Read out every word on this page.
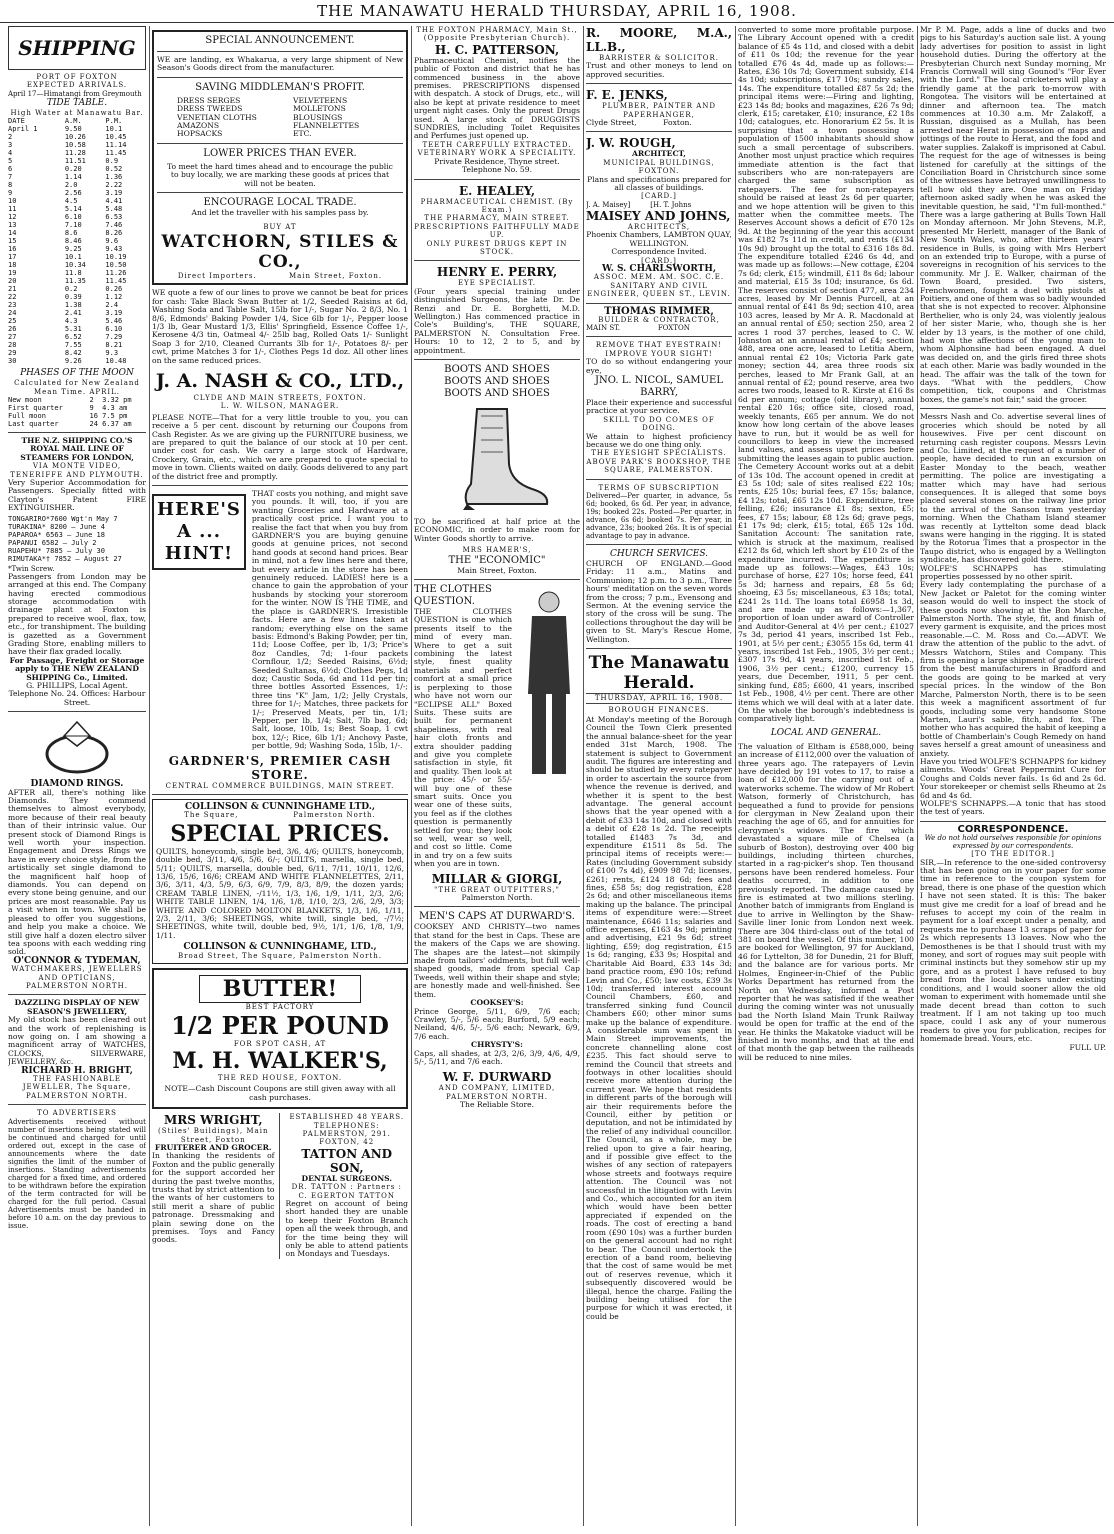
THE MANAWATU HERALD THURSDAY, APRIL 16, 1908.
SHIPPING
PORT OF FOXTON
EXPECTED ARRIVALS.
April 17—Himatangi from Greymouth
TIDE TABLE.
High Water at Manawatu Bar.
DATE	A.M.	P.M.
April 1	9.50	10.1
2	10.26	10.45
3	10.58	11.14
4	11.28	11.45
5	11.51	0.9
6	0.20	0.52
7	1.14	1.36
8	2.0	2.22
9	2.56	3.19
10	4.5	4.41
11	5.14	5.48
12	6.10	6.53
13	7.10	7.46
14	8.6	8.26
15	8.46	9.6
16	9.25	9.43
17	10.1	10.19
18	10.34	10.50
19	11.8	11.26
20	11.35	11.45
21	0.2	0.26
22	0.39	1.12
23	1.38	2.4
24	2.41	3.19
25	4.3	5.46
26	5.31	6.10
27	6.52	7.29
28	7.55	8.21
29	8.42	9.3
30	9.26	10.48
PHASES OF THE MOON
Calculated for New Zealand Mean Time. APRIL.
New moon	2	3.32 pm
First quarter	9	4.3 am
Full moon	16	7.5 pm
Last quarter	24	6.37 am
THE N.Z. SHIPPING CO.'S ROYAL MAIL LINE OF STEAMERS FOR LONDON,
VIA MONTE VIDEO, TENERIFFE AND PLYMOUTH.
Very Superior Accommodation for Passengers. Specially fitted with Clayton's Patent FIRE EXTINGUISHER.
TONGARIRO*7600 Wgt'n May 7
TURAKINA* 8200 — June 4
PAPAROA* 6563 — June 18
PAPANUI 6582 — July 2
RUAPEHU* 7885 — July 30
RIMUTAKA*† 7852 — August 27
*Twin Screw.
Passengers from London may be arranged at this end. The Company having erected commodious storage accommodation with drainage plant at Foxton is prepared to receive wool, flax, tow, etc., for transhipment. The building is gazetted as a Government Grading Store, enabling millers to have their flax graded locally.
For Passage, Freight or Storage apply to THE NEW ZEALAND SHIPPING Co., Limited.
G. PHILLIPS, Local Agent. Telephone No. 24. Offices: Harbour Street.
DIAMOND RINGS.
AFTER all, there's nothing like Diamonds. They commend themselves to almost everybody, more because of their real beauty than of their intrinsic value. Our present stock of Diamond Rings is well worth your inspection. Engagement and Dress Rings we have in every choice style, from the artistically set single diamond to the magnificent half hoop of diamonds. You can depend on every stone being genuine, and our prices are most reasonable. Pay us a visit when in town. We shall be pleased to offer you suggestions, and help you make a choice. We still give half a dozen electro silver tea spoons with each wedding ring sold.
O'CONNOR & TYDEMAN,
WATCHMAKERS, JEWELLERS AND OPTICIANS, PALMERSTON NORTH.
DAZZLING DISPLAY OF NEW SEASON'S JEWELLERY,
My old stock has been cleared out and the work of replenishing is now going on. I am showing a magnificent array of WATCHES, CLOCKS, SILVERWARE, JEWELLERY, &c.
RICHARD H. BRIGHT,
THE FASHIONABLE JEWELLER, The Square, PALMERSTON NORTH.
TO ADVERTISERS
Advertisements received without number of insertions being stated will be continued and charged for until ordered out, except in the case of announcements where the date signifies the limit of the number of insertions. Standing advertisements charged for a fixed time, and ordered to be withdrawn before the expiration of the term contracted for will be charged for the full period. Casual Advertisements must be handed in before 10 a.m. on the day previous to issue.
SPECIAL ANNOUNCEMENT.
WE are landing, ex Whakarua, a very large shipment of New Season's Goods direct from the manufacturer.
SAVING MIDDLEMAN'S PROFIT.
DRESS SERGES
DRESS TWEEDS
VENETIAN CLOTHS
AMAZONS
HOPSACKS
VELVETEENS
MOLLETONS
BLOUSINGS
FLANNELETTES
ETC.
LOWER PRICES THAN EVER.
To meet the hard times ahead and to encourage the public to buy locally, we are marking these goods at prices that will not be beaten.
ENCOURAGE LOCAL TRADE.
And let the traveller with his samples pass by.
BUY AT
WATCHORN, STILES & CO.,
Direct Importers.          Main Street, Foxton.
WE quote a few of our lines to prove we cannot be beat for prices for cash: Take Black Swan Butter at 1/2, Seeded Raisins at 6d, Washing Soda and Table Salt, 15lb for 1/-, Sugar No. 2 8/3, No. 1 8/6, Edmonds' Baking Powder 1/4, Sice 6lb for 1/-, Pepper loose 1/3 lb, Gear Mustard 1/3, Ellis' Springfield, Essence Coffee 1/-, Kerosene 4/3 tin, Oatmeal 4/- 25lb bag, Rolled Oats 1/- Sunlight Soap 3 for 2/10, Cleaned Currants 3lb for 1/-, Potatoes 8/- per cwt, prime Matches 3 for 1/-, Clothes Pegs 1d doz. All other lines on the same reduced prices.
J. A. NASH & CO., LTD.,
CLYDE AND MAIN STREETS, FOXTON.
L. W. WILSON, MANAGER.
PLEASE NOTE—That for a very little trouble to you, you can receive a 5 per cent. discount by returning our Coupons from Cash Register. As we are giving up the FURNITURE business, we are prepared to quit the balance of our stock at 10 per cent. under cost for cash. We carry a large stock of Hardware, Crockery, Grain, etc., which we are prepared to quote special to move in town. Clients waited on daily. Goods delivered to any part of the district free and promptly.
HERE'S A ... HINT!
THAT costs you nothing, and might save you pounds. It will, too, if you are wanting Groceries and Hardware at a practically cost price. I want you to realise the fact that when you buy from GARDNER'S you are buying genuine goods at genuine prices, not second hand goods at second hand prices. Bear in mind, not a few lines here and there, but every article in the store has been genuinely reduced. LADIES! here is a chance to gain the approbation of your husbands by stocking your storeroom for the winter. NOW IS THE TIME, and the place is GARDNER'S. Irresistible facts. Here are a few lines taken at random; everything else on the same basis: Edmond's Baking Powder, per tin, 11d; Loose Coffee, per lb, 1/3; Price's 8oz Candles, 7d; 1-four packets Cornflour, 1/2; Seeded Raisins, 6½d; Seeded Sultanas, 6½d; Clothes Pegs, 1d doz; Caustic Soda, 6d and 11d per tin; three bottles Assorted Essences, 1/-; three tins "K" Jam, 1/2; Jelly Crystals, three for 1/-; Matches, three packets for 1/-; Preserved Meats, per tin, 1/1; Pepper, per lb, 1/4; Salt, 7lb bag, 6d; Salt, loose, 10lb, 1s; Best Soap, 1 cwt box, 12/-; Rice, 6lb 1/1; Anchovy Paste, per bottle, 9d; Washing Soda, 15lb, 1/-.
GARDNER'S, PREMIER CASH STORE.
CENTRAL COMMERCE BUILDINGS, MAIN STREET.
COLLINSON & CUNNINGHAME LTD.,
The Square,                 Palmerston North.
SPECIAL PRICES.
QUILTS, honeycomb, single bed, 3/6, 4/6; QUILTS, honeycomb, double bed, 3/11, 4/6, 5/6, 6/-; QUILTS, marsella, single bed, 5/11; QUILTS, marsella, double bed, 6/11, 7/11, 10/11, 12/6, 13/6, 15/6, 16/6; CREAM AND WHITE FLANNELETTES, 2/11, 3/6, 3/11, 4/3, 5/9, 6/3, 6/9, 7/9, 8/3, 8/9, the dozen yards; CREAM TABLE LINEN, -/11½, 1/3, 1/6, 1/9, 1/11, 2/3, 2/6; WHITE TABLE LINEN, 1/4, 1/6, 1/8, 1/10, 2/3, 2/6, 2/9, 3/3; WHITE AND COLORED MOLTON BLANKETS, 1/3, 1/6, 1/11, 2/3, 2/11, 3/6; SHEETINGS, white twill, single bed, -/7½; SHEETINGS, white twill, double bed, 9½, 1/1, 1/6, 1/8, 1/9, 1/11.
COLLINSON & CUNNINGHAME, LTD.,
Broad Street, The Square, Palmerston North.
BUTTER!
BEST FACTORY
1/2 PER POUND
FOR SPOT CASH, AT
M. H. WALKER'S,
THE RED HOUSE, FOXTON.
NOTE—Cash Discount Coupons are still given away with all cash purchases.
MRS WRIGHT,
(Stiles' Buildings), Main Street, Foxton
FRUITERER AND GROCER.
In thanking the residents of Foxton and the public generally for the support accorded her during the past twelve months, trusts that by strict attention to the wants of her customers to still merit a share of public patronage. Dressmaking and plain sewing done on the premises. Toys and Fancy goods.
ESTABLISHED 48 YEARS.
TELEPHONES: PALMERSTON, 291. FOXTON, 42
TATTON AND SON,
DENTAL SURGEONS.
DR. TATTON : Partners : C. EGERTON TATTON
Regret on account of being short handed they are unable to keep their Foxton Branch open all the week through, and for the time being they will only be able to attend patients on Mondays and Tuesdays.
THE FOXTON PHARMACY, Main St., (Opposite Presbyterian Church).
H. C. PATTERSON,
Pharmaceutical Chemist, notifies the public of Foxton and district that he has commenced business in the above premises. PRESCRIPTIONS dispensed with despatch. A stock of Drugs, etc., will also be kept at private residence to meet urgent night cases. Only the purest Drugs used. A large stock of DRUGGISTS SUNDRIES, including Toilet Requisites and Perfumes just opened up.
TEETH CAREFULLY EXTRACTED.
VETERINARY WORK A SPECIALITY.
Private Residence, Thyne street. Telephone No. 59.
E. HEALEY,
PHARMACEUTICAL CHEMIST. (By Exam.)
THE PHARMACY, MAIN STREET.
PRESCRIPTIONS FAITHFULLY MADE UP.
ONLY PUREST DRUGS KEPT IN STOCK.
HENRY E. PERRY,
EYE SPECIALIST.
(Four years special training under distinguished Surgeons, the late Dr. De Renzi and Dr. E. Borghetti, M.D. Wellington.) Has commenced practice in Cole's Building's, THE SQUARE, PALMERSTON N. Consultation Free. Hours: 10 to 12, 2 to 5, and by appointment.
BOOTS AND SHOES
BOOTS AND SHOES
BOOTS AND SHOES
TO be sacrificed at half price at the ECONOMIC, in order to make room for Winter Goods shortly to arrive.
MRS HAMER'S,
THE "ECONOMIC"
Main Street, Foxton.
THE CLOTHES QUESTION.
THE CLOTHES QUESTION is one which presents itself to the mind of every man. Where to get a suit combining the latest style, finest quality materials and perfect comfort at a small price is perplexing to those who have not worn our "ECLIPSE ALL" Boxed Suits. These suits are built for permanent shapeliness, with real hair cloth fronts and extra shoulder padding and give you complete satisfaction in style, fit and quality. Then look at the price: 45/- or 55/- will buy one of these smart suits. Once you wear one of these suits, you feel as if the clothes question is permanently settled for you; they look so well, wear so well, and cost so little. Come in and try on a few suits when you are in town.
MILLAR & GIORGI,
"THE GREAT OUTFITTERS,"
Palmerston North.
MEN'S CAPS AT DURWARD'S.
COOKSEY AND CHRISTY—two names that stand for the best in Caps. These are the makers of the Caps we are showing. The shapes are the latest—not skimpily made from tailors' oddments, but full well-shaped goods, made from special Cap Tweeds, well within their shape and style; are honestly made and well-finished. See them.
COOKSEY'S:
Prince George, 5/11, 6/9, 7/6 each; Crawley, 5/-, 5/6 each; Burford, 5/9 each; Neiland, 4/6, 5/-, 5/6 each; Newark, 6/9, 7/6 each.
CHRYSTY'S:
Caps, all shades, at 2/3, 2/6, 3/9, 4/6, 4/9, 5/-, 5/11, and 7/6 each.
W. F. DURWARD
AND COMPANY, LIMITED, PALMERSTON NORTH.
The Reliable Store.
R. MOORE, M.A., LL.B.,
BARRISTER & SOLICITOR.
Trust and other moneys to lend on approved securities.
F. E. JENKS,
PLUMBER, PAINTER AND PAPERHANGER,
Clyde Street,           Foxton.
J. W. ROUGH,
ARCHITECT,
MUNICIPAL BUILDINGS, FOXTON.
Plans and specifications prepared for all classes of buildings.
[CARD.]
J. A. Maisey]         [H. T. Johns
MAISEY AND JOHNS,
ARCHITECTS,
Phoenix Chambers, LAMBTON QUAY, WELLINGTON.
Correspondence Invited.
[CARD.]
W. S. CHARLSWORTH,
ASSOC. MEM. AM. SOC. C.E.
SANITARY AND CIVIL ENGINEER, QUEEN ST., LEVIN.
THOMAS RIMMER,
BUILDER & CONTRACTOR,
MAIN ST.                 FOXTON
REMOVE THAT EYESTRAIN! IMPROVE YOUR SIGHT!
TO do so without endangering your eye,
JNO. L. NICOL, SAMUEL BARRY,
Place their experience and successful practice at your service.
SKILL TO DO COMES OF DOING.
We attain to highest proficiency because we do one thing only.
THE EYESIGHT SPECIALISTS.
ABOVE PARK'S BOOKSHOP, THE SQUARE, PALMERSTON.
TERMS OF SUBSCRIPTION
Delivered—Per quarter, in advance, 5s 6d; booked, 6s 6d. Per year, in advance, 19s; booked 22s. Posted—Per quarter, in advance, 6s 6d; booked 7s. Per year, in advance, 23s; booked 26s. It is of special advantage to pay in advance.
CHURCH SERVICES.
CHURCH OF ENGLAND.—Good Friday: 11 a.m., Matins and Communion; 12 p.m. to 3 p.m., Three hours' meditation on the seven words from the cross; 7 p.m., Evensong and Sermon. At the evening service the story of the cross will be sung. The collections throughout the day will be given to St. Mary's Rescue Home, Wellington.
The Manawatu Herald.
THURSDAY, APRIL 16, 1908.
BOROUGH FINANCES.
At Monday's meeting of the Borough Council the Town Clerk presented the annual balance-sheet for the year ended 31st March, 1908. The statement is subject to Government audit. The figures are interesting and should be studied by every ratepayer in order to ascertain the source from whence the revenue is derived, and whether it is spent to the best advantage. The general account shows that the year opened with a debit of £33 14s 10d, and closed with a debit of £28 1s 2d. The receipts totalled £1483 7s 3d, and expenditure £1511 8s 5d. The principal items of receipts were:—Rates (including Government subsidy of £100 7s 4d), £909 98 7d; licenses, £261; rents, £124 18 6d; fees and fines, £58 5s; dog registration, £28 2s 6d; and other miscellaneous items making up the balance. The principal items of expenditure were:—Street maintenance, £646 11s; salaries and office expenses, £163 4s 9d; printing and advertising, £21 9s 6d; street lighting, £59; dog registration, £15 1s 6d; ranging, £33 9s; Hospital and Charitable Aid Board, £33 14s 3d; band practice room, £90 10s; refund Levin and Co., £50; law costs, £39 3s 10d; transferred interest account Council Chambers, £60, and transferred sinking fund Council Chambers £60; other minor sums make up the balance of expenditure. A considerable sum was spent in Main Street improvements, the concrete channelling alone cost £235. This fact should serve to remind the Council that streets and footways in other localities should receive more attention during the current year. We hope that residents in different parts of the borough will air their requirements before the Council, either by petition or deputation, and not be intimidated by the relief of any individual councillor. The Council, as a whole, may be relied upon to give a fair hearing, and if possible give effect to the wishes of any section of ratepayers whose streets and footways require attention. The Council was not successful in the litigation with Levin and Co., which accounted for an item which would have been better appreciated if expended on the roads. The cost of erecting a band room (£90 10s) was a further burden on the general account had no right to bear. The Council undertook the erection of a band room, believing that the cost of same would be met out of reserves revenue, which it subsequently discovered would be illegal, hence the charge. Failing the building being utilised for the purpose for which it was erected, it could be
converted to some more profitable purpose. The Library Account opened with a credit balance of £5 4s 11d, and closed with a debit of £11 0s 10d; the revenue for the year totalled £76 4s 4d, made up as follows:—Rates, £36 10s 7d; Government subsidy, £14 4s 10d; subscriptions, £17 10s; sundry sales, 14s. The expenditure totalled £87 5s 2d; the principal items were:—Firing and lighting, £23 14s 8d; books and magazines, £26 7s 9d; clerk, £15; caretaker, £10; insurance, £2 18s 10d; catalogues, etc. Honorarium £2 5s. It is surprising that a town possessing a population of 1500 inhabitants should show such a small percentage of subscribers. Another most unjust practice which requires immediate attention is the fact that subscribers who are non-ratepayers are charged the same subscription as ratepayers. The fee for non-ratepayers should be raised at least 2s 6d per quarter, and we hope attention will be given to this matter when the committee meets. The Reserves Account shows a deficit of £70 12s 9d. At the beginning of the year this account was £182 7s 11d in credit, and rents (£134 10s 9d) brought up the total to £316 18s 8d. The expenditure totalled £246 6s 4d, and was made up as follows:—New cottage, £204 7s 6d; clerk, £15; windmill, £11 8s 6d; labour and material, £15 3s 10d; insurance, 6s 6d. The reserves consist of section 477, area 234 acres, leased by Mr Dennis Purcell, at an annual rental of £41 8s 9d; section 410, area 103 acres, leased by Mr A. R. Macdonald at an annual rental of £50; section 250, area 2 acres 1 rood 37 perches, leased to C. W. Johnston at an annual rental of £4; section 488, area one acre, leased to Letitia Abern, annual rental £2 10s; Victoria Park gate money; section 44, area three roods six perches, leased to Mr Frank Gall, at an annual rental of £2; pound reserve, area two acres two roods, leased to R. Kirste at £16 8s 6d per annum; cottage (old library), annual rental £20 16s; office site, closed road, weekly tenants, £65 per annum. We do not know how long certain of the above leases have to run, but it would be as well for councillors to keep in view the increased land values, and assess upset prices before submitting the leases again to public auction. The Cemetery Account works out at a debit of 13s 10d. The account opened in credit at £3 5s 10d; sale of sites realised £22 10s; rents, £25 10s; burial fees, £7 15s; balance, £4 12s; total, £65 12s 10d. Expenditure, tree felling, £26; insurance £1 8s; sexton, £5; fees, £7 15s; labour, £8 12s 6d; grave pegs, £1 17s 9d; clerk, £15; total, £65 12s 10d. Sanitation Account: The sanitation rate, which is struck at the maximum, realised £212 8s 6d, which left short by £10 2s of the expenditure incurred. The expenditure is made up as follows:—Wages, £43 10s; purchase of horse, £27 10s; horse feed, £41 5s 3d; harness and repairs, £8 5s 6d; shoeing, £3 5s; miscellaneous, £3 18s; total, £241 2s 11d. The loans total £6958 1s 3d, and are made up as follows:—1,367, proportion of loan under award of Controller and Auditor-General at 4½ per cent.; £1027 7s 3d, period 41 years, inscribed 1st Feb., 1901, at 5½ per cent.; £3055 15s 6d, term 41 years, inscribed 1st Feb., 1905, 3½ per cent.; £307 17s 9d, 41 years, inscribed 1st Feb., 1906, 3½ per cent.; £1200, currency 15 years, due December, 1911, 5 per cent. sinking fund, £85; £600, 41 years, inscribed 1st Feb., 1908, 4½ per cent. There are other items which we will deal with at a later date. On the whole the borough's indebtedness is comparatively light.
LOCAL AND GENERAL.
The valuation of Eltham is £588,000, being an increase of £112,000 over the valuation of three years ago. The ratepayers of Levin have decided by 191 votes to 17, to raise a loan of £12,000 for the carrying out of a waterworks scheme. The widow of Mr Robert Watson, formerly of Christchurch, has bequeathed a fund to provide for pensions for clergyman in New Zealand upon their reaching the age of 65, and for annuities for clergymen's widows. The fire which devastated a square mile of Chelsea (a suburb of Boston), destroying over 400 big buildings, including thirteen churches, started in a rag-picker's shop. Ten thousand persons have been rendered homeless. Four deaths occurred, in addition to one previously reported. The damage caused by fire is estimated at two millions sterling. Another batch of immigrants from England is due to arrive in Wellington by the Shaw-Saville liner Ionic from London next week. There are 304 third-class out of the total of 381 on board the vessel. Of this number, 100 are booked for Wellington, 97 for Auckland, 46 for Lyttelton, 38 for Dunedin, 21 for Bluff, and the balance are for various ports. Mr Holmes, Engineer-in-Chief of the Public Works Department has returned from the North on Wednesday, informed a Post reporter that he was satisfied if the weather during the coming winter was not unusually bad the North Island Main Trunk Railway would be open for traffic at the end of the year. He thinks the Makatoke viaduct will be finished in two months, and that at the end of that month the gap between the railheads will be reduced to nine miles.
Mr P. M. Page, adds a line of ducks and two pigs to his Saturday's auction sale list. A young lady advertises for position to assist in light household duties. During the offertory at the Presbyterian Church next Sunday morning, Mr Francis Cornwall will sing Gounod's "For Ever with the Lord." The local cricketers will play a friendly game at the park to-morrow with Rongotea. The visitors will be entertained at dinner and afternoon tea. The match commences at 10.30 a.m. Mr Zalakoff, a Russian, disguised as a Mullah, has been arrested near Herat in possession of maps and jottings of the route to Herat, and the food and water supplies. Zalakoff is imprisoned at Cabul. The request for the age of witnesses is being listened for carefully at the sittings of the Conciliation Board in Christchurch since some of the witnesses have betrayed unwillingness to tell how old they are. One man on Friday afternoon asked sadly when he was asked the inevitable question, he said, "I'm full-monthed." There was a large gathering at Bulls Town Hall on Monday afternoon. Mr John Stevens, M.P., presented Mr Herlett, manager of the Bank of New South Wales, who, after thirteen years' residence in Bulls, is going with Mrs Herbert on an extended trip to Europe, with a purse of sovereigns in recognition of his services to the community. Mr J. E. Walker, chairman of the Town Board, presided. Two sisters, Frenchwomen, fought a duel with pistols at Poitiers, and one of them was so badly wounded that she is not expected to recover. Alphonsine Berthelier, who is only 24, was violently jealous of her sister Marie, who, though she is her elder by 13 years, is the mother of one child, had won the affections of the young man to whom Alphonsine had been engaged. A duel was decided on, and the girls fired three shots at each other. Marie was badly wounded in the head. The affair was the talk of the town for days. "What with the peddlers, Chow competition, tick, coupons and Christmas boxes, the game's not fair," said the grocer.
Messrs Nash and Co. advertise several lines of groceries which should be noted by all housewives. Five per cent discount on returning cash register coupons. Messrs Levin and Co. Limited, at the request of a number of people, have decided to run an excursion on Easter Monday to the beach, weather permitting. The police are investigating a matter which may have had serious consequences. It is alleged that some boys placed several stones on the railway line prior to the arrival of the Sanson tram yesterday morning. When the Chatham Island steamer was recently at Lyttelton some dead black swans were hanging in the rigging. It is stated by the Rotorua Times that a prospector in the Taupo district, who is engaged by a Wellington syndicate, has discovered gold there.
WOLFE'S SCHNAPPS has stimulating properties possessed by no other spirit.
Every lady contemplating the purchase of a New Jacket or Paletot for the coming winter season would do well to inspect the stock of these goods now showing at the Bon Marche, Palmerston North. The style, fit, and finish of every garment is exquisite, and the prices most reasonable.—C. M. Ross and Co.—ADVT. We draw the attention of the public to the advt. of Messrs Watchorn, Stiles and Company. This firm is opening a large shipment of goods direct from the best manufacturers in Bradford and the goods are going to be marked at very special prices. In the window of the Bon Marche, Palmerston North, there is to be seen this week a magnificent assortment of fur goods, including some very handsome Stone Marten, Lauri's sable, fitch, and fox. The mother who has acquired the habit of keeping a bottle of Chamberlain's Cough Remedy on hand saves herself a great amount of uneasiness and anxiety.
Have you tried WOLFE'S SCHNAPPS for kidney ailments. Woods' Great Peppermint Cure for Coughs and Colds never fails. 1s 6d and 2s 6d. Your storekeeper or chemist sells Rheumo at 2s 6d and 4s 6d.
WOLFE'S SCHNAPPS.—A tonic that has stood the test of years.
CORRESPONDENCE.
We do not hold ourselves responsible for opinions expressed by our correspondents.
[TO THE EDITOR.]
SIR,—In reference to the one-sided controversy that has been going on in your paper for some time in reference to the coupon system for bread, there is one phase of the question which I have not seen stated. It is this: The baker must give me credit for a loaf of bread and he refuses to accept my coin of the realm in payment for a loaf except under a penalty, and requests me to purchase 13 scraps of paper for 2s which represents 13 loaves. Now who the Demosthenes is be that I should trust with my money, and sort of rogues may suit people with criminal instincts but they somehow stir up my gore, and as a protest I have refused to buy bread from the local bakers under existing conditions, and I would sooner allow the old woman to experiment with homemade until she made decent bread than cotton to such treatment. If I am not taking up too much space, could I ask any of your numerous readers to give you for publication, recipes for homemade bread. Yours, etc.
FULL UP.
